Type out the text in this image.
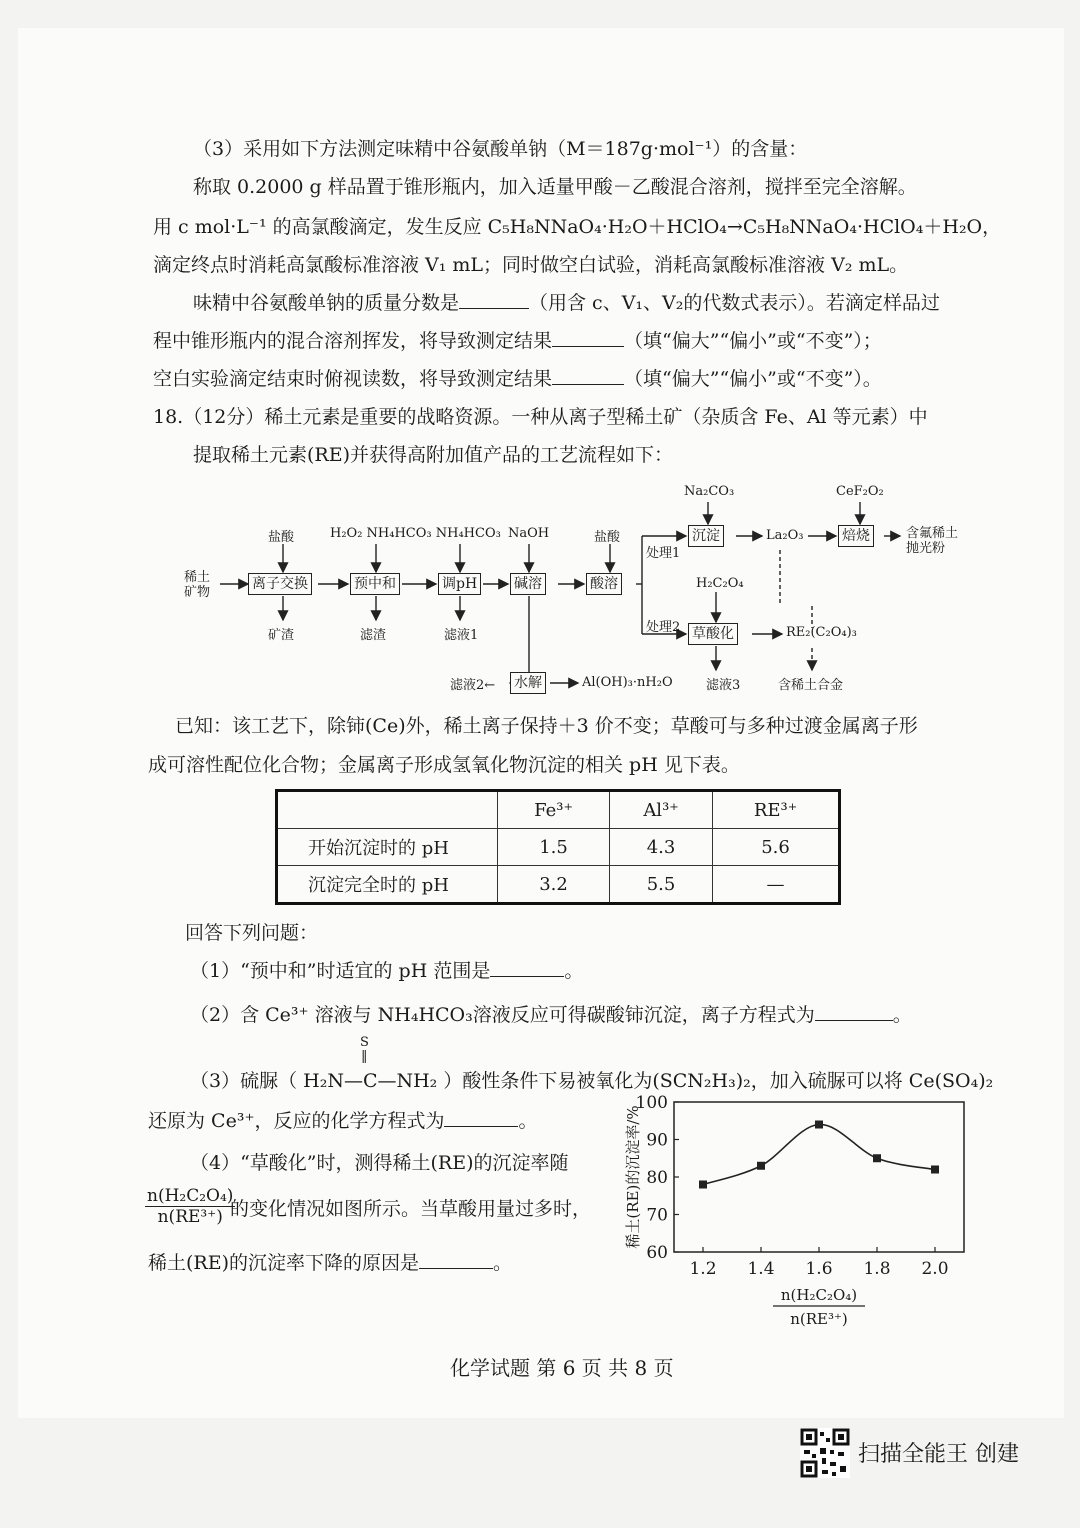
（3）采用如下方法测定味精中谷氨酸单钠（M＝187g·mol⁻¹）的含量：
称取 0.2000 g 样品置于锥形瓶内，加入适量甲酸－乙酸混合溶剂，搅拌至完全溶解。
用 c mol·L⁻¹ 的高氯酸滴定，发生反应 C₅H₈NNaO₄·H₂O＋HClO₄→C₅H₈NNaO₄·HClO₄＋H₂O，
滴定终点时消耗高氯酸标准溶液 V₁ mL；同时做空白试验，消耗高氯酸标准溶液 V₂ mL。
味精中谷氨酸单钠的质量分数是	（用含 c、V₁、V₂的代数式表示）。若滴定样品过
程中锥形瓶内的混合溶剂挥发，将导致测定结果	（填“偏大”“偏小”或“不变”）；
空白实验滴定结束时俯视读数，将导致测定结果	（填“偏大”“偏小”或“不变”）。
18.（12分）稀土元素是重要的战略资源。一种从离子型稀土矿（杂质含 Fe、Al 等元素）中
提取稀土元素(RE)并获得高附加值产品的工艺流程如下：
稀土矿物
离子交换	预中和	调pH	碱溶	酸溶
沉淀	焙烧
草酸化
水解
盐酸	H₂O₂ NH₄HCO₃ NH₄HCO₃ NaOH	盐酸
Na₂CO₃	CeF₂O₂
H₂C₂O₄
矿渣	滤渣	滤液1
滤液2←	滤液3
处理1
处理2
La₂O₃	含氟稀土抛光粉
RE₂(C₂O₄)₃
含稀土合金
Al(OH)₃·nH₂O
已知：该工艺下，除铈(Ce)外，稀土离子保持＋3 价不变；草酸可与多种过渡金属离子形
成可溶性配位化合物；金属离子形成氢氧化物沉淀的相关 pH 见下表。
	Fe³⁺	Al³⁺	RE³⁺
开始沉淀时的 pH	1.5	4.3	5.6
沉淀完全时的 pH	3.2	5.5	—
回答下列问题：
（1）“预中和”时适宜的 pH 范围是	。
（2）含 Ce³⁺ 溶液与 NH₄HCO₃溶液反应可得碳酸铈沉淀，离子方程式为	。
S
‖
（3）硫脲（ H₂N—C—NH₂ ）酸性条件下易被氧化为(SCN₂H₃)₂，加入硫脲可以将 Ce(SO₄)₂
还原为 Ce³⁺，反应的化学方程式为	。
（4）“草酸化”时，测得稀土(RE)的沉淀率随
$\frac{\text{n(H₂C₂O₄)}}{\text{n(RE³⁺)}}$
的变化情况如图所示。当草酸用量过多时，
稀土(RE)的沉淀率下降的原因是	。	60
70
80
90
100
1.2 1.4 1.6 1.8 2.0
稀土(RE)的沉淀率/%
n(H₂C₂O₄)
n(RE³⁺)
化学试题 第 6 页 共 8 页
扫描全能王 创建
